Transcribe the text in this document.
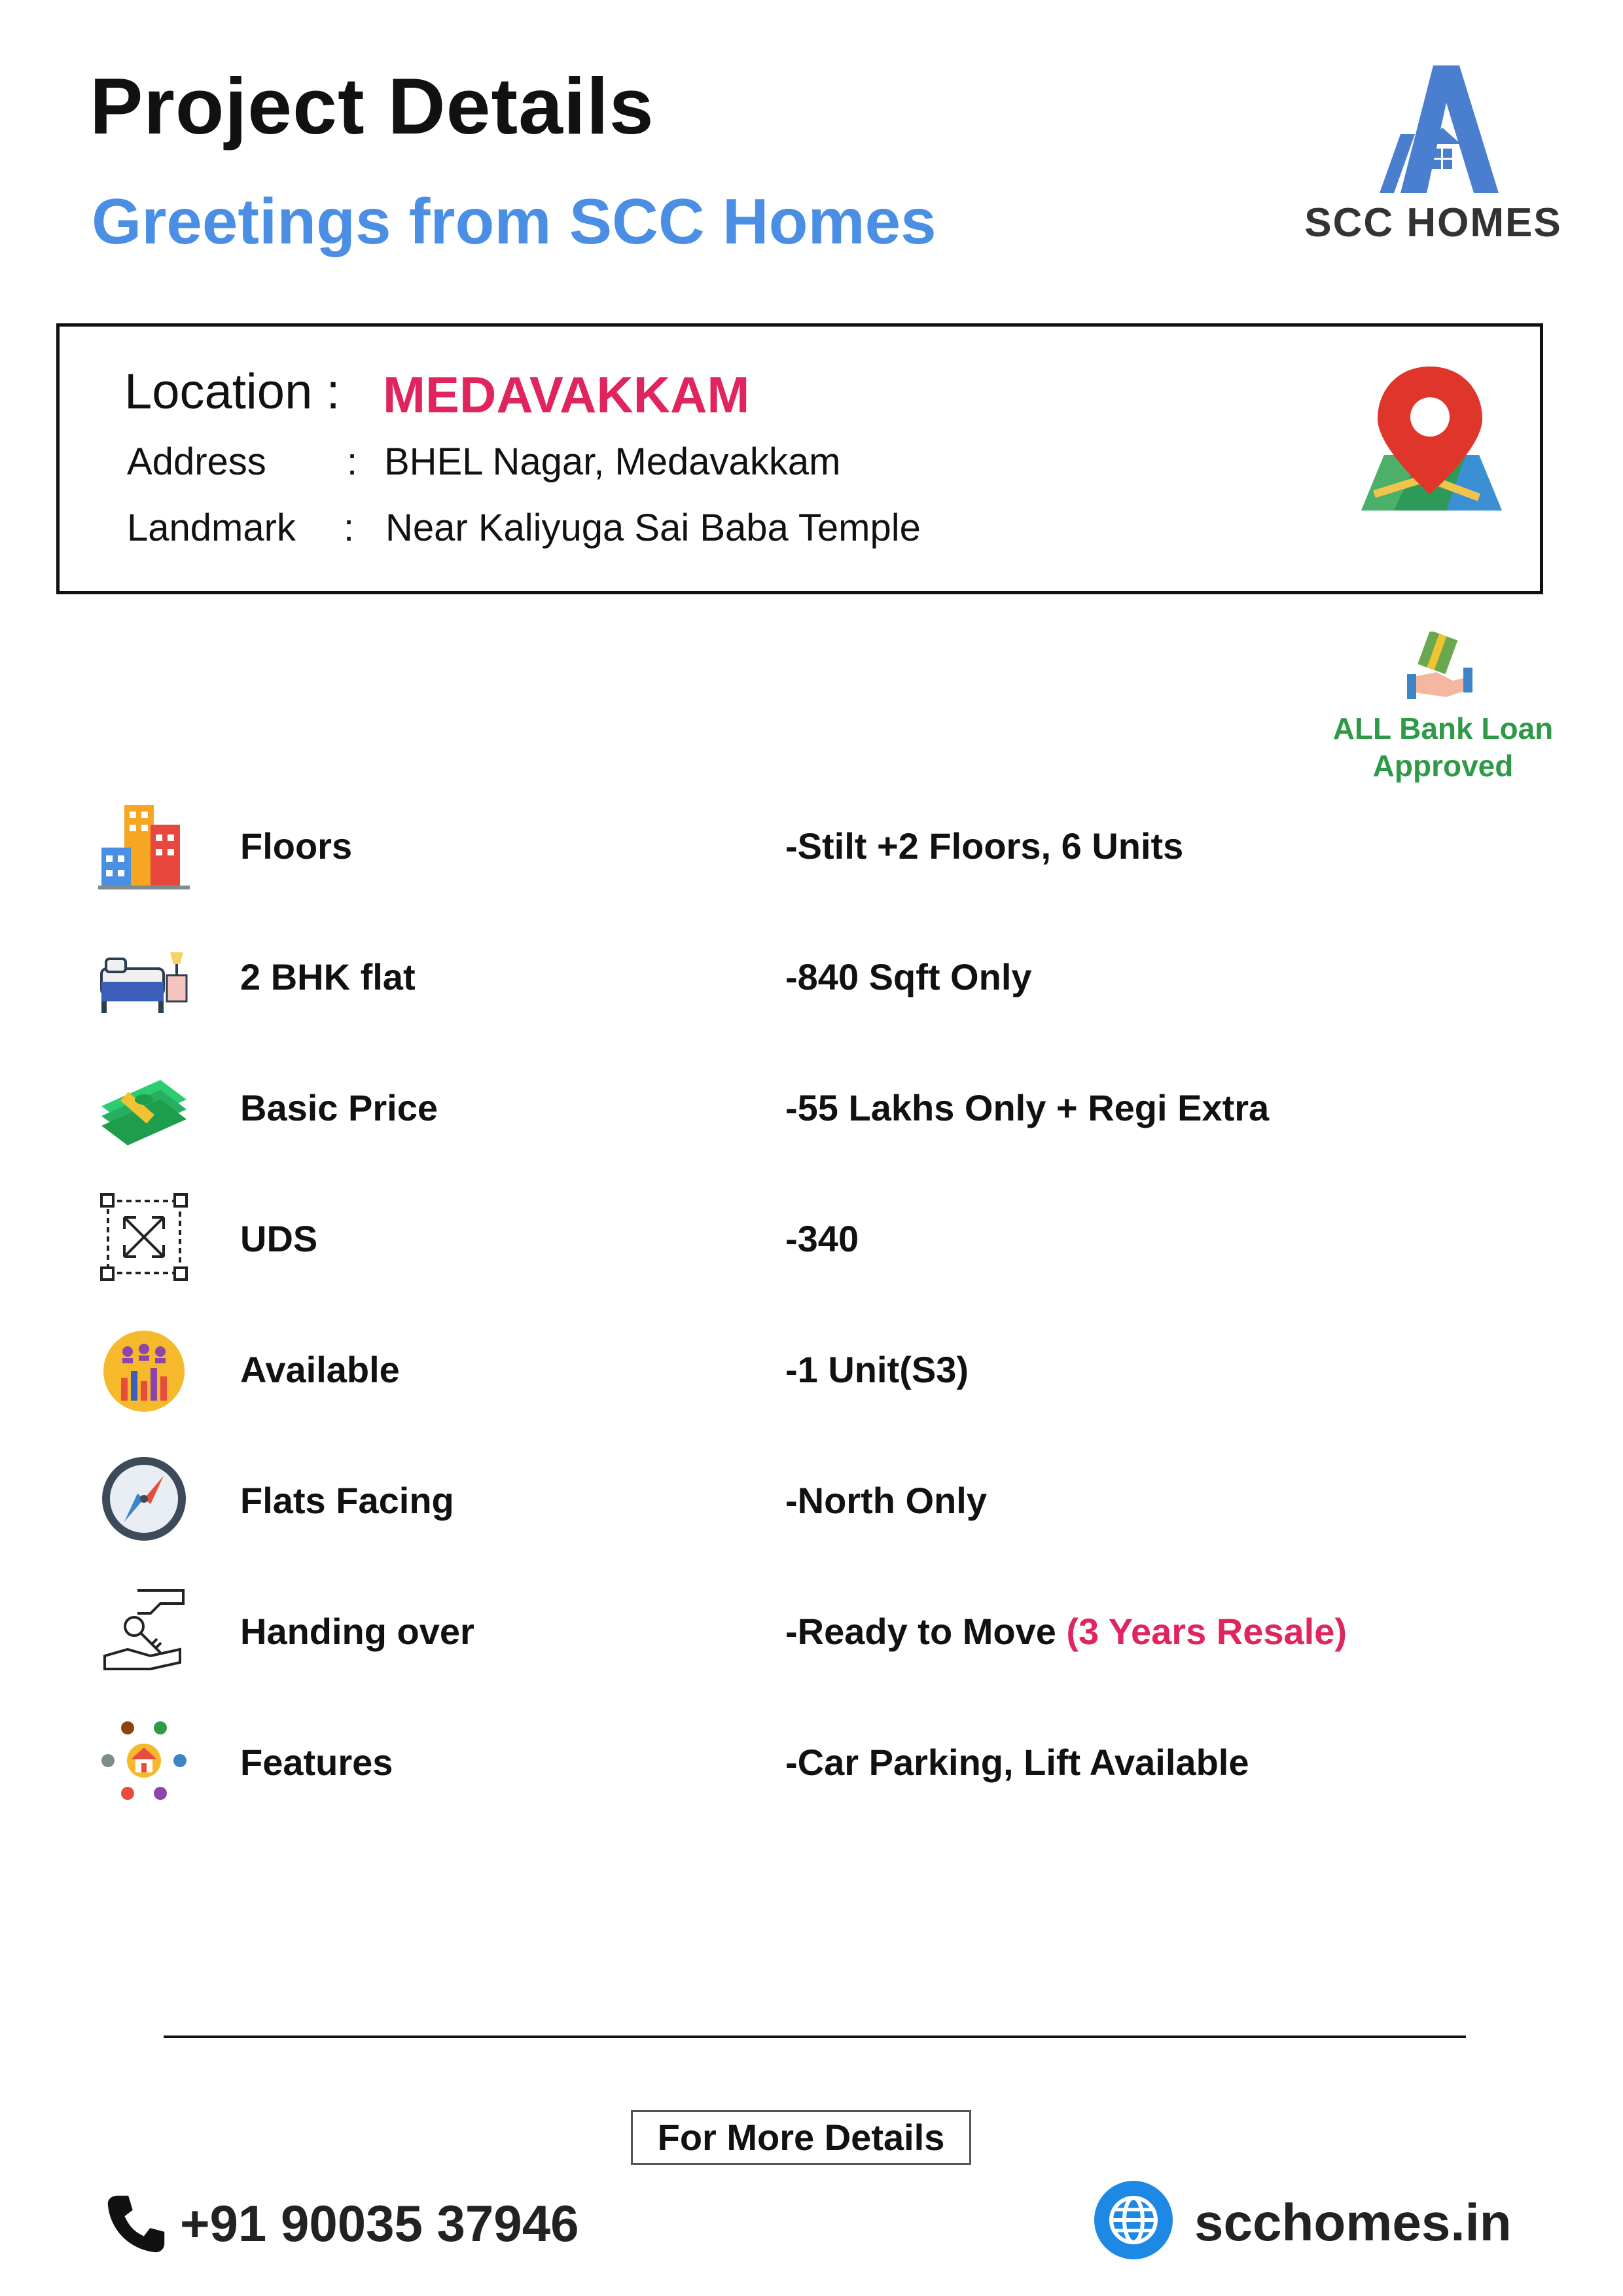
Project Details
Greetings from SCC Homes	SCC HOMES
Location : MEDAVAKKAM
Address : BHEL Nagar, Medavakkam
Landmark : Near Kaliyuga Sai Baba Temple
ALL Bank Loan
Approved
Floors	-Stilt +2 Floors, 6 Units
2 BHK flat	-840 Sqft Only
Basic Price	-55 Lakhs Only + Regi Extra
UDS	-340
Available	-1 Unit(S3)
Flats Facing	-North Only
Handing over	-Ready to Move (3 Years Resale)
Features	-Car Parking, Lift Available
For More Details
+91 90035 37946	scchomes.in
